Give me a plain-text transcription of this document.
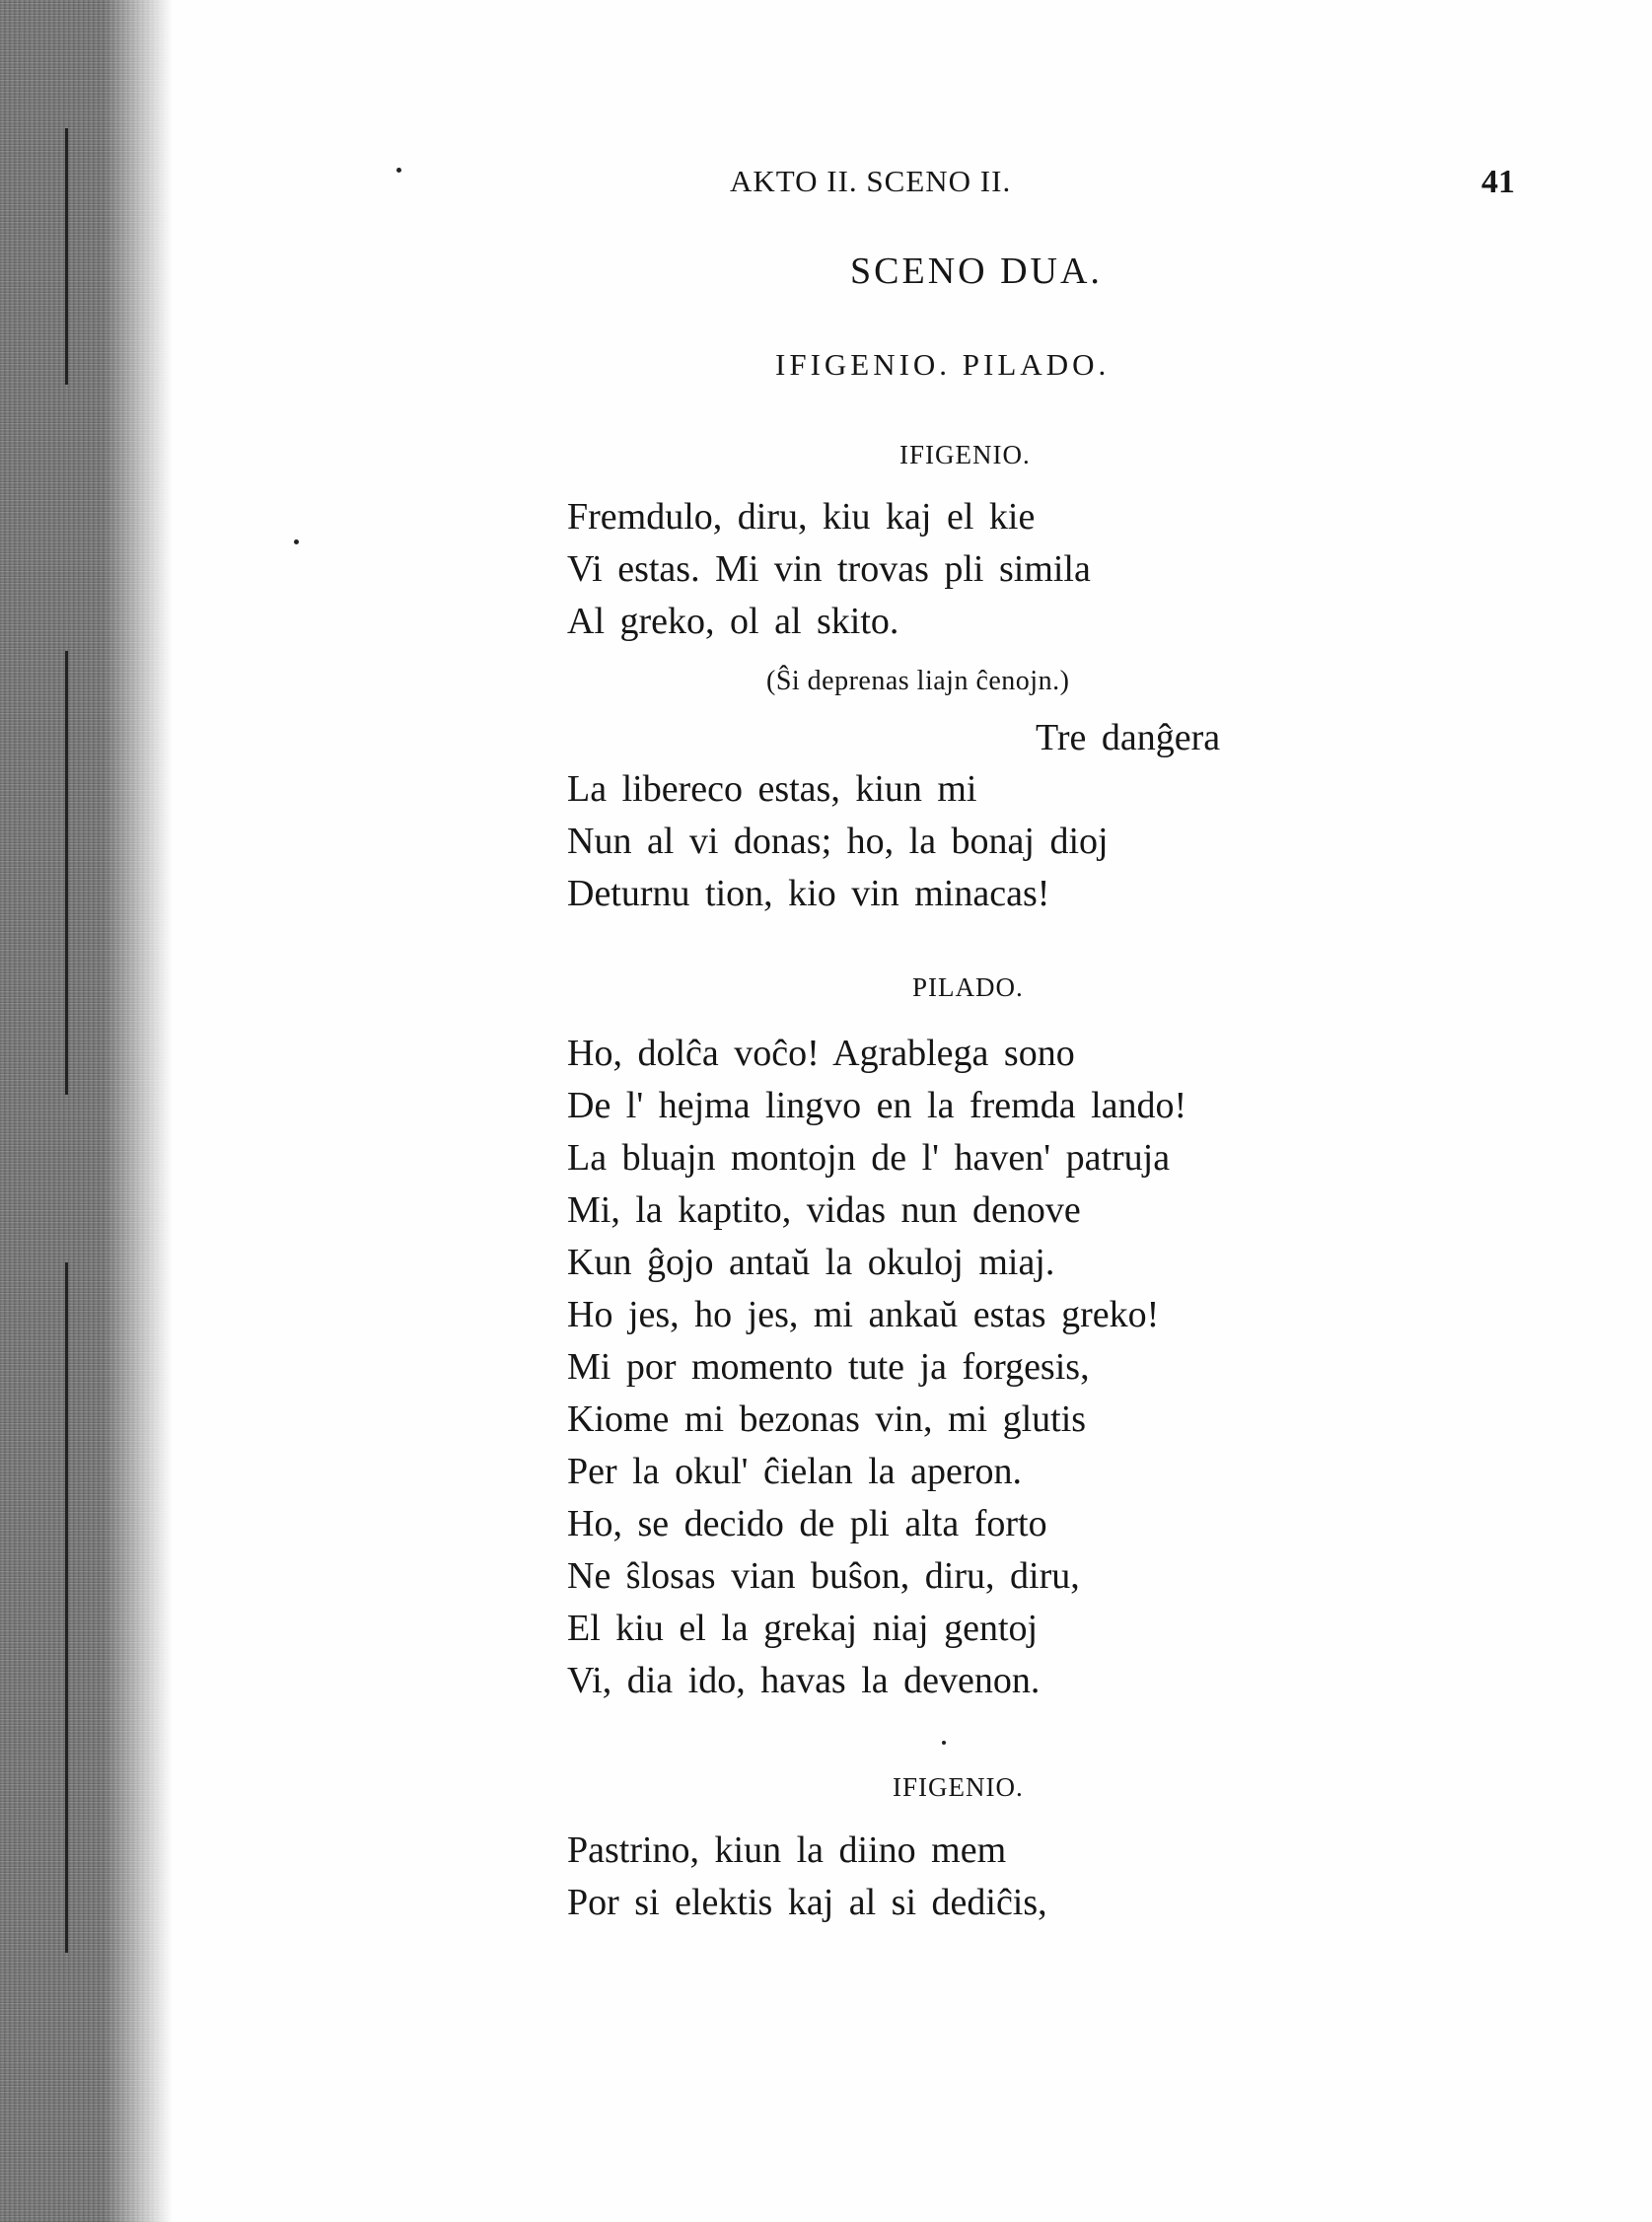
AKTO II. SCENO II.	41

SCENO DUA.

IFIGENIO. PILADO.

IFIGENIO.

Fremdulo, diru, kiu kaj el kie
Vi estas. Mi vin trovas pli simila
Al greko, ol al skito.

(Ŝi deprenas liajn ĉenojn.)

Tre danĝera

La libereco estas, kiun mi
Nun al vi donas; ho, la bonaj dioj
Deturnu tion, kio vin minacas!

PILADO.

Ho, dolĉa voĉo! Agrablega sono
De l' hejma lingvo en la fremda lando!
La bluajn montojn de l' haven' patruja
Mi, la kaptito, vidas nun denove
Kun ĝojo antaŭ la okuloj miaj.
Ho jes, ho jes, mi ankaŭ estas greko!
Mi por momento tute ja forgesis,
Kiome mi bezonas vin, mi glutis
Per la okul' ĉielan la aperon.
Ho, se decido de pli alta forto
Ne ŝlosas vian buŝon, diru, diru,
El kiu el la grekaj niaj gentoj
Vi, dia ido, havas la devenon.

IFIGENIO.

Pastrino, kiun la diino mem
Por si elektis kaj al si dediĉis,
